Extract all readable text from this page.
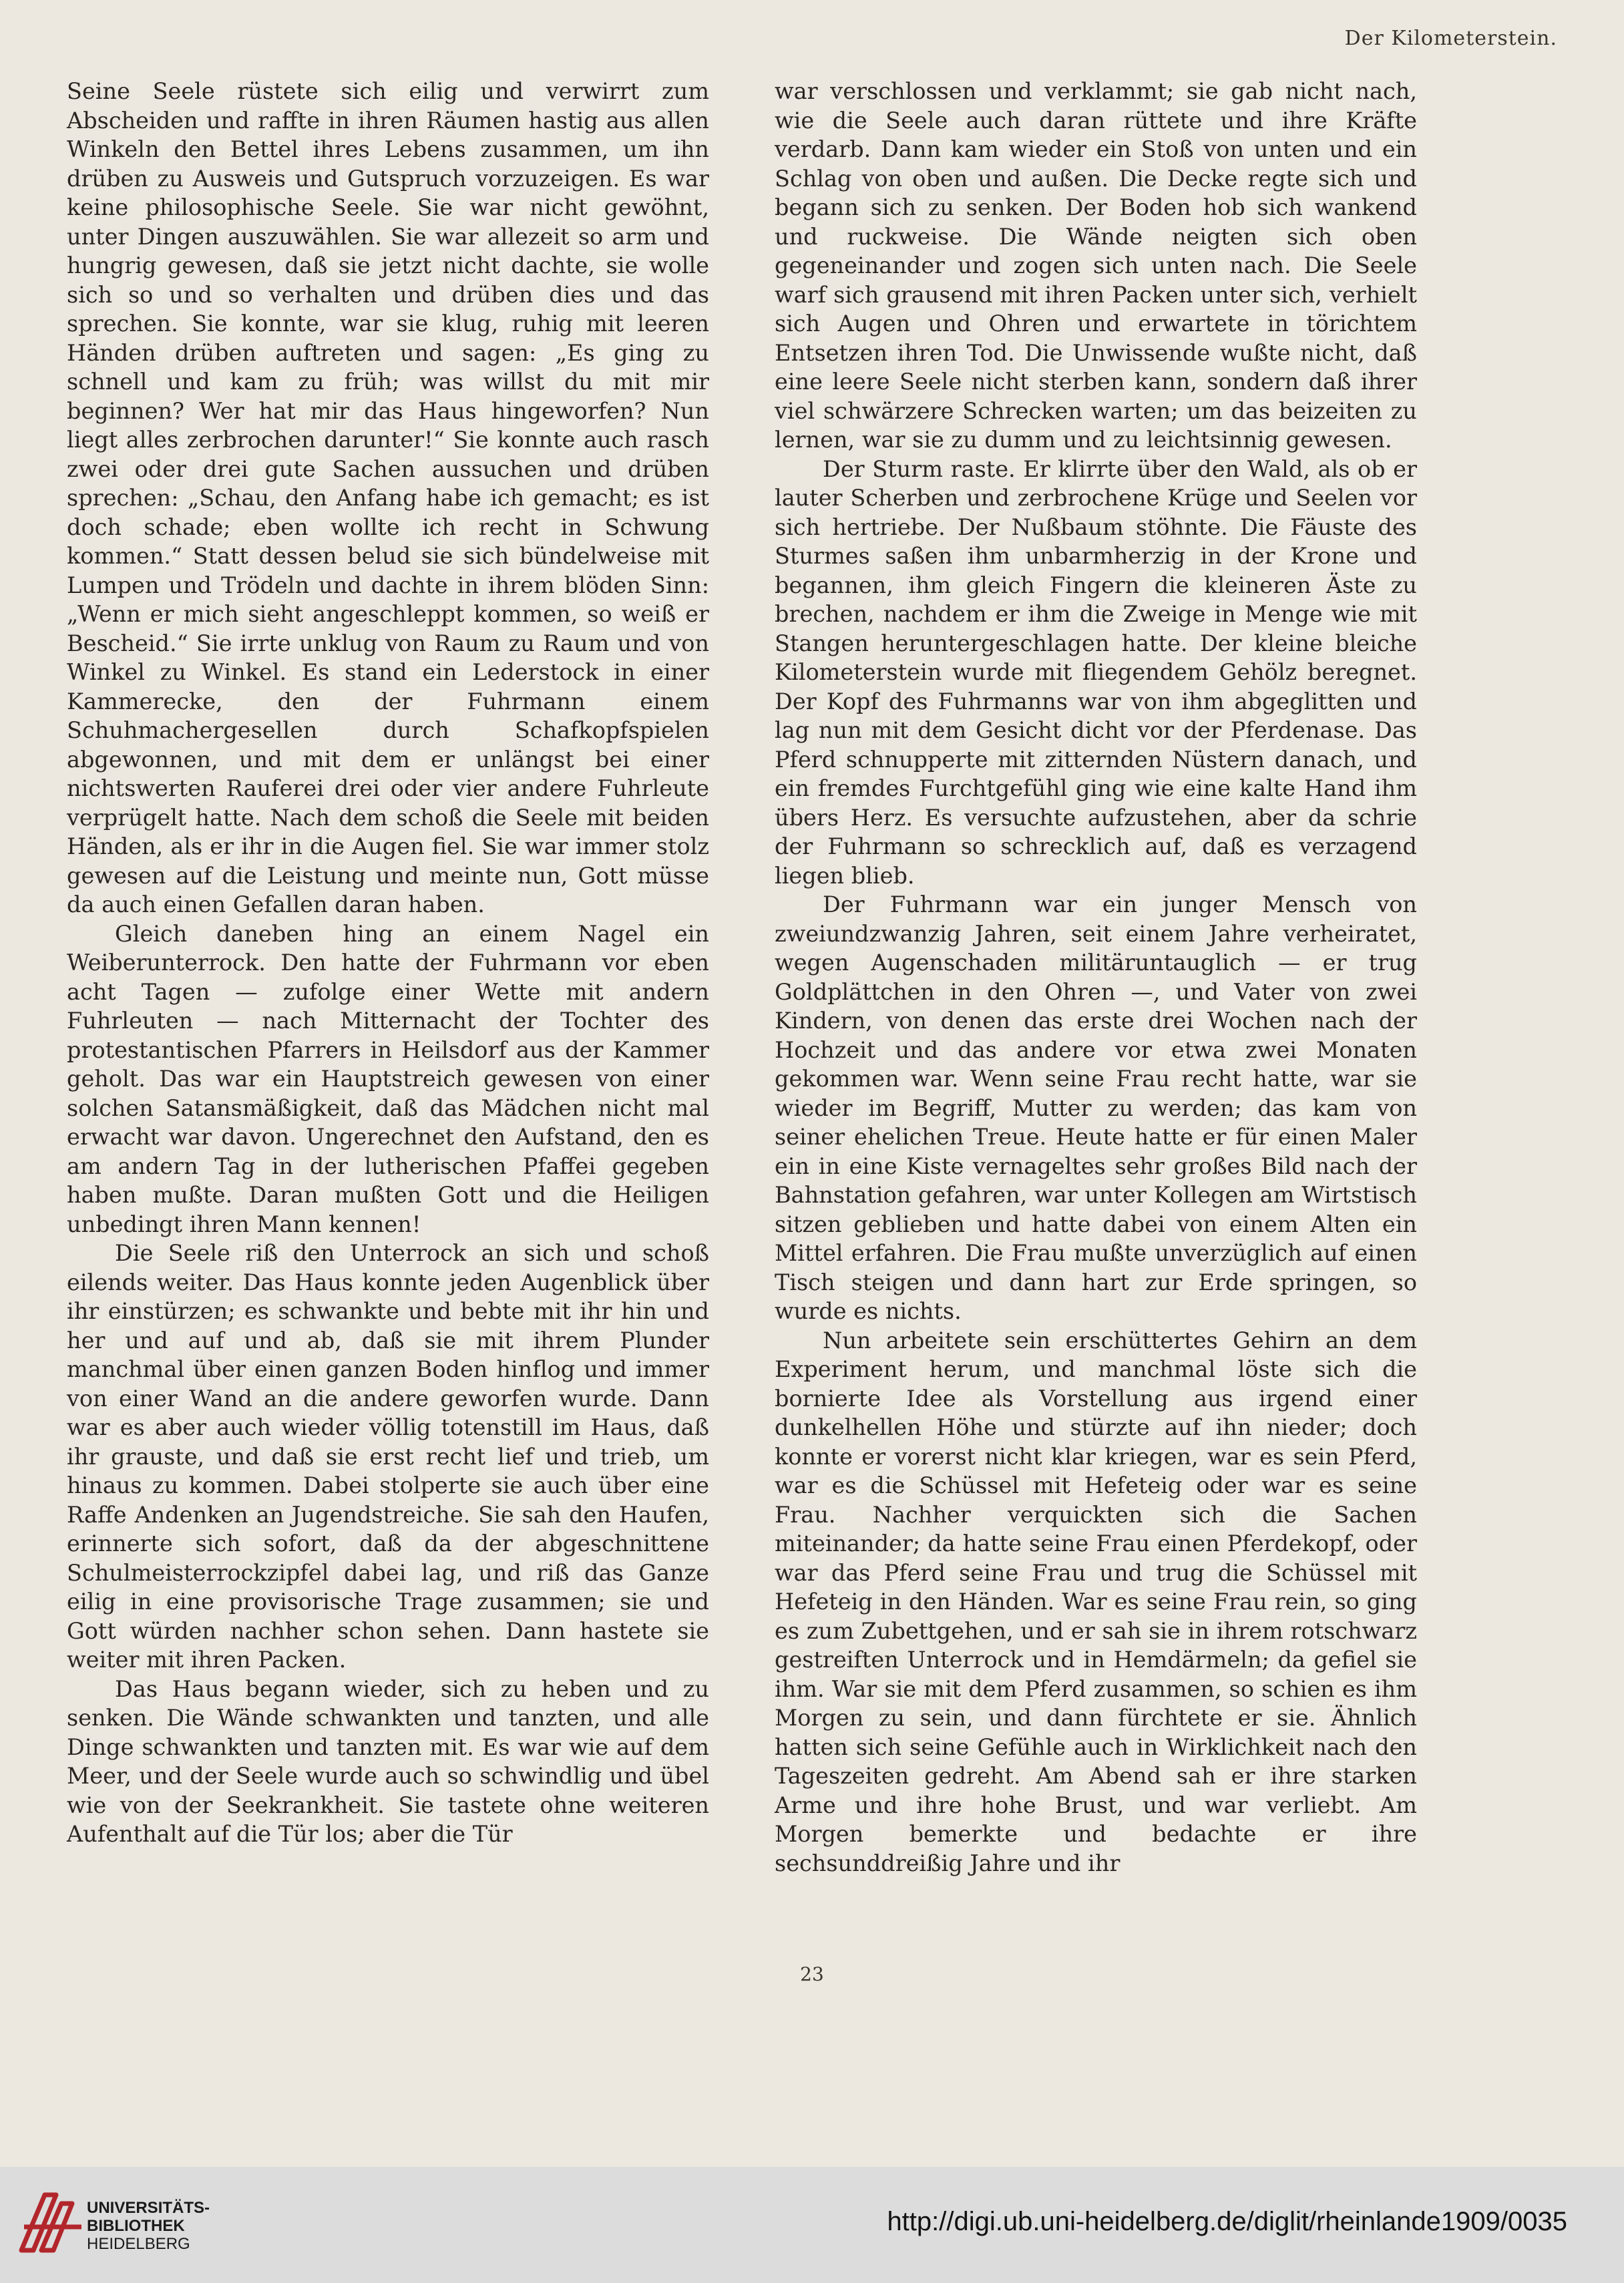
Der Kilometerstein.

Seine Seele rüstete sich eilig und verwirrt zum Abscheiden und raffte in ihren Räumen hastig aus allen Winkeln den Bettel ihres Lebens zusammen, um ihn drüben zu Ausweis und Gutspruch vorzuzeigen. Es war keine philosophische Seele. Sie war nicht gewöhnt, unter Dingen auszuwählen. Sie war allezeit so arm und hungrig gewesen, daß sie jetzt nicht dachte, sie wolle sich so und so verhalten und drüben dies und das sprechen. Sie konnte, war sie klug, ruhig mit leeren Händen drüben auftreten und sagen: „Es ging zu schnell und kam zu früh; was willst du mit mir beginnen? Wer hat mir das Haus hingeworfen? Nun liegt alles zerbrochen darunter!“ Sie konnte auch rasch zwei oder drei gute Sachen aussuchen und drüben sprechen: „Schau, den Anfang habe ich gemacht; es ist doch schade; eben wollte ich recht in Schwung kommen.“ Statt dessen belud sie sich bündelweise mit Lumpen und Trödeln und dachte in ihrem blöden Sinn: „Wenn er mich sieht angeschleppt kommen, so weiß er Bescheid.“ Sie irrte unklug von Raum zu Raum und von Winkel zu Winkel. Es stand ein Lederstock in einer Kammerecke, den der Fuhrmann einem Schuhmachergesellen durch Schafkopfspielen abgewonnen, und mit dem er unlängst bei einer nichtswerten Rauferei drei oder vier andere Fuhrleute verprügelt hatte. Nach dem schoß die Seele mit beiden Händen, als er ihr in die Augen fiel. Sie war immer stolz gewesen auf die Leistung und meinte nun, Gott müsse da auch einen Gefallen daran haben.

Gleich daneben hing an einem Nagel ein Weiberunterrock. Den hatte der Fuhrmann vor eben acht Tagen — zufolge einer Wette mit andern Fuhrleuten — nach Mitternacht der Tochter des protestantischen Pfarrers in Heilsdorf aus der Kammer geholt. Das war ein Hauptstreich gewesen von einer solchen Satansmäßigkeit, daß das Mädchen nicht mal erwacht war davon. Ungerechnet den Aufstand, den es am andern Tag in der lutherischen Pfaffei gegeben haben mußte. Daran mußten Gott und die Heiligen unbedingt ihren Mann kennen!

Die Seele riß den Unterrock an sich und schoß eilends weiter. Das Haus konnte jeden Augenblick über ihr einstürzen; es schwankte und bebte mit ihr hin und her und auf und ab, daß sie mit ihrem Plunder manchmal über einen ganzen Boden hinflog und immer von einer Wand an die andere geworfen wurde. Dann war es aber auch wieder völlig totenstill im Haus, daß ihr grauste, und daß sie erst recht lief und trieb, um hinaus zu kommen. Dabei stolperte sie auch über eine Raffe Andenken an Jugendstreiche. Sie sah den Haufen, erinnerte sich sofort, daß da der abgeschnittene Schulmeisterrockzipfel dabei lag, und riß das Ganze eilig in eine provisorische Trage zusammen; sie und Gott würden nachher schon sehen. Dann hastete sie weiter mit ihren Packen.

Das Haus begann wieder, sich zu heben und zu senken. Die Wände schwankten und tanzten, und alle Dinge schwankten und tanzten mit. Es war wie auf dem Meer, und der Seele wurde auch so schwindlig und übel wie von der Seekrankheit. Sie tastete ohne weiteren Aufenthalt auf die Tür los; aber die Tür

war verschlossen und verklammt; sie gab nicht nach, wie die Seele auch daran rüttete und ihre Kräfte verdarb. Dann kam wieder ein Stoß von unten und ein Schlag von oben und außen. Die Decke regte sich und begann sich zu senken. Der Boden hob sich wankend und ruckweise. Die Wände neigten sich oben gegeneinander und zogen sich unten nach. Die Seele warf sich grausend mit ihren Packen unter sich, verhielt sich Augen und Ohren und erwartete in törichtem Entsetzen ihren Tod. Die Unwissende wußte nicht, daß eine leere Seele nicht sterben kann, sondern daß ihrer viel schwärzere Schrecken warten; um das beizeiten zu lernen, war sie zu dumm und zu leichtsinnig gewesen.

Der Sturm raste. Er klirrte über den Wald, als ob er lauter Scherben und zerbrochene Krüge und Seelen vor sich hertriebe. Der Nußbaum stöhnte. Die Fäuste des Sturmes saßen ihm unbarmherzig in der Krone und begannen, ihm gleich Fingern die kleineren Äste zu brechen, nachdem er ihm die Zweige in Menge wie mit Stangen heruntergeschlagen hatte. Der kleine bleiche Kilometerstein wurde mit fliegendem Gehölz beregnet. Der Kopf des Fuhrmanns war von ihm abgeglitten und lag nun mit dem Gesicht dicht vor der Pferdenase. Das Pferd schnupperte mit zitternden Nüstern danach, und ein fremdes Furchtgefühl ging wie eine kalte Hand ihm übers Herz. Es versuchte aufzustehen, aber da schrie der Fuhrmann so schrecklich auf, daß es verzagend liegen blieb.

Der Fuhrmann war ein junger Mensch von zweiundzwanzig Jahren, seit einem Jahre verheiratet, wegen Augenschaden militäruntauglich — er trug Goldplättchen in den Ohren —, und Vater von zwei Kindern, von denen das erste drei Wochen nach der Hochzeit und das andere vor etwa zwei Monaten gekommen war. Wenn seine Frau recht hatte, war sie wieder im Begriff, Mutter zu werden; das kam von seiner ehelichen Treue. Heute hatte er für einen Maler ein in eine Kiste vernageltes sehr großes Bild nach der Bahnstation gefahren, war unter Kollegen am Wirtstisch sitzen geblieben und hatte dabei von einem Alten ein Mittel erfahren. Die Frau mußte unverzüglich auf einen Tisch steigen und dann hart zur Erde springen, so wurde es nichts.

Nun arbeitete sein erschüttertes Gehirn an dem Experiment herum, und manchmal löste sich die bornierte Idee als Vorstellung aus irgend einer dunkelhellen Höhe und stürzte auf ihn nieder; doch konnte er vorerst nicht klar kriegen, war es sein Pferd, war es die Schüssel mit Hefeteig oder war es seine Frau. Nachher verquickten sich die Sachen miteinander; da hatte seine Frau einen Pferdekopf, oder war das Pferd seine Frau und trug die Schüssel mit Hefeteig in den Händen. War es seine Frau rein, so ging es zum Zubettgehen, und er sah sie in ihrem rotschwarz gestreiften Unterrock und in Hemdärmeln; da gefiel sie ihm. War sie mit dem Pferd zusammen, so schien es ihm Morgen zu sein, und dann fürchtete er sie. Ähnlich hatten sich seine Gefühle auch in Wirklichkeit nach den Tageszeiten gedreht. Am Abend sah er ihre starken Arme und ihre hohe Brust, und war verliebt. Am Morgen bemerkte und bedachte er ihre sechsunddreißig Jahre und ihr

23
UNIVERSITÄTS-
BIBLIOTHEK
HEIDELBERG
http://digi.ub.uni-heidelberg.de/diglit/rheinlande1909/0035
